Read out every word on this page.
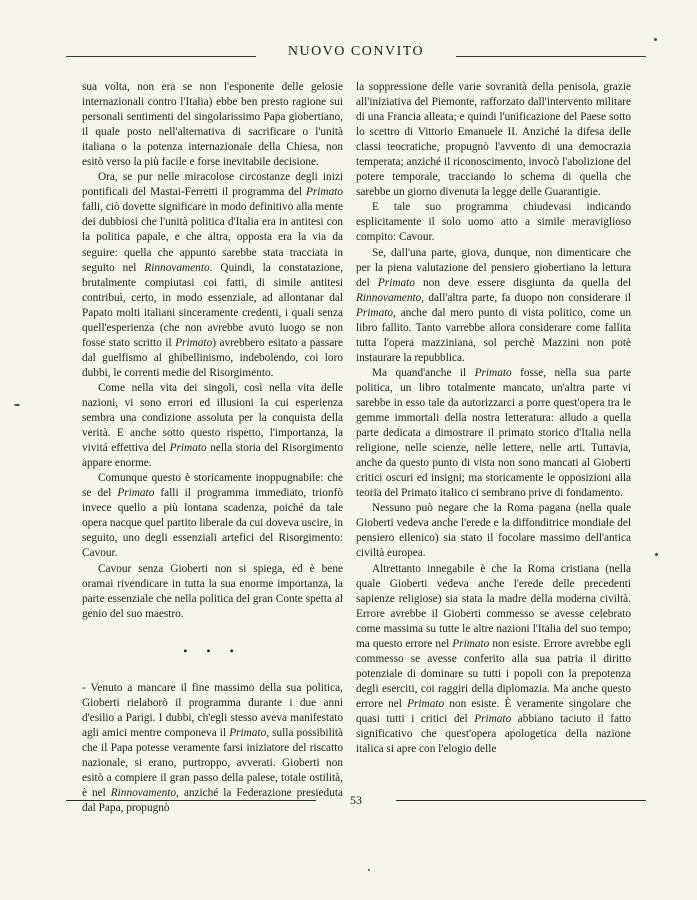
NUOVO CONVITO

sua volta, non era se non l'esponente delle gelosie internazionali contro l'Italia) ebbe ben presto ragione sui personali sentimenti del singolarissimo Papa giobertiano, il quale posto nell'alternativa di sacrificare o l'unità italiana o la potenza internazionale della Chiesa, non esitò verso la più facile e forse inevitabile decisione.

Ora, se pur nelle miracolose circostanze degli inizi pontificali del Mastai-Ferretti il programma del Primato falli, ciò dovette significare in modo definitivo alla mente dei dubbiosi che l'unità politica d'Italia era in antitesi con la politica papale, e che altra, opposta era la via da seguire: quella che appunto sarebbe stata tracciata in seguito nel Rinnovamento. Quindi, la constatazione, brutalmente compiutasi coi fatti, di simile antitesi contribuì, certo, in modo essenziale, ad allontanar dal Papato molti italiani sinceramente credenti, i quali senza quell'esperienza (che non avrebbe avuto luogo se non fosse stato scritto il Primato) avrebbero esitato a passare dal guelfismo al ghibellinismo, indebolendo, coi loro dubbi, le correnti medie del Risorgimento.

Come nella vita dei singoli, così nella vita delle nazioni, vi sono errori ed illusioni la cui esperienza sembra una condizione assoluta per la conquista della verità. E anche sotto questo rispetto, l'importanza, la vivitá effettiva del Primato nella storia del Risorgimento appare enorme.

Comunque questo è storicamente inoppugnabile: che se del Primato falli il programma immediato, trionfò invece quello a più lontana scadenza, poiché da tale opera nacque quel partito liberale da cui doveva uscire, in seguito, uno degli essenziali artefici del Risorgimento: Cavour.

Cavour senza Gioberti non si spiega, ed è bene oramai rivendicare in tutta la sua enorme importanza, la parte essenziale che nella politica del gran Conte spetta al genio del suo maestro.

• • •

- Venuto a mancare il fine massimo della sua politica, Gioberti rielaborò il programma durante i due anni d'esilio a Parigi. I dubbi, ch'egli stesso aveva manifestato agli amici mentre componeva il Primato, sulla possibilità che il Papa potesse veramente farsi iniziatore del riscatto nazionale, si erano, purtroppo, avverati. Gioberti non esitò a compiere il gran passo della palese, totale ostilità, è nel Rinnovamento, anziché la Federazione presieduta dal Papa, propugnò

la soppressione delle varie sovranità della penisola, grazie all'iniziativa del Piemonte, rafforzato dall'intervento militare di una Francia alleata; e quindi l'unificazione del Paese sotto lo scettro di Vittorio Emanuele II. Anziché la difesa delle classi teocratiche, propugnò l'avvento di una democrazia temperata; anziché il riconoscimento, invocò l'abolizione del potere temporale, tracciando lo schema di quella che sarebbe un giorno divenuta la legge delle Guarantigie.

E tale suo programma chiudevasi indicando esplicitamente il solo uomo atto a simile meraviglioso compito: Cavour.

Se, dall'una parte, giova, dunque, non dimenticare che per la piena valutazione del pensiero giobertiano la lettura del Primato non deve essere disgiunta da quella del Rinnovamento, dall'altra parte, fa duopo non considerare il Primato, anche dal mero punto di vista politico, come un libro fallito. Tanto varrebbe allora considerare come fallita tutta l'opera mazziniana, sol perchè Mazzini non potè instaurare la repubblica.

Ma quand'anche il Primato fosse, nella sua parte politica, un libro totalmente mancato, un'altra parte vi sarebbe in esso tale da autorizzarci a porre quest'opera tra le gemme immortali della nostra letteratura: alludo a quella parte dedicata a dimostrare il primato storico d'Italia nella religione, nelle scienze, nelle lettere, nelle arti. Tuttavia, anche da questo punto di vista non sono mancati al Gioberti critici oscuri ed insigni; ma storicamente le opposizioni alla teoria del Primato italico ci sembrano prive di fondamento.

Nessuno può negare che la Roma pagana (nella quale Gioberti vedeva anche l'erede e la diffonditrice mondiale del pensiero ellenico) sia stato il focolare massimo dell'antica civiltà europea.

Altrettanto innegabile è che la Roma cristiana (nella quale Gioberti vedeva anche l'erede delle precedenti sapienze religiose) sia stata la madre della moderna civiltà. Errore avrebbe il Gioberti commesso se avesse celebrato come massima su tutte le altre nazioni l'Italia del suo tempo; ma questo errore nel Primato non esiste. Errore avrebbe egli commesso se avesse conferito alla sua patria il diritto potenziale di dominare su tutti i popoli con la prepotenza degli eserciti, coi raggiri della diplomazia. Ma anche questo errore nel Primato non esiste. È veramente singolare che quasi tutti i critici del Primato abbiano taciuto il fatto significativo che quest'opera apologetica della nazione italica si apre con l'elogio delle

53
